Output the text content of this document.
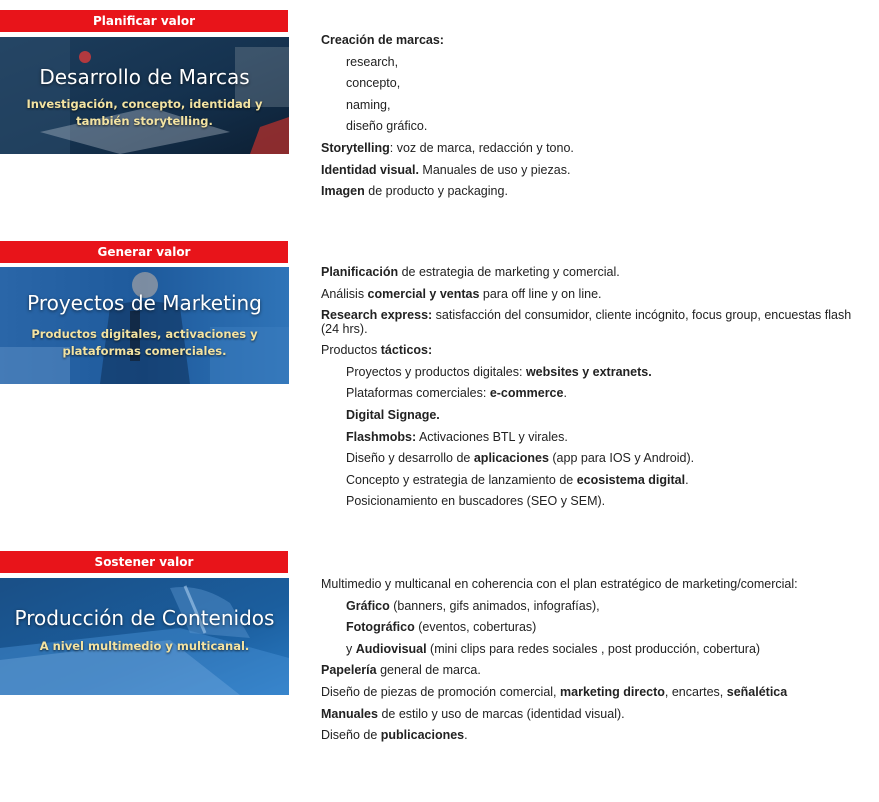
Planificar valor
Desarrollo de Marcas
Investigación, concepto, identidad y
también storytelling.
Creación de marcas:
research,
concepto,
naming,
diseño gráfico.
Storytelling: voz de marca, redacción y tono.
Identidad visual. Manuales de uso y piezas.
Imagen de producto y packaging.
Generar valor
Proyectos de Marketing
Productos digitales, activaciones y
plataformas comerciales.
Planificación de estrategia de marketing y comercial.
Análisis comercial y ventas para off line y on line.
Research express: satisfacción del consumidor, cliente incógnito, focus group, encuestas flash (24 hrs).
Productos tácticos:
Proyectos y productos digitales: websites y extranets.
Plataformas comerciales: e-commerce.
Digital Signage.
Flashmobs: Activaciones BTL y virales.
Diseño y desarrollo de aplicaciones (app para IOS y Android).
Concepto y estrategia de lanzamiento de ecosistema digital.
Posicionamiento en buscadores (SEO y SEM).
Sostener valor
Producción de Contenidos
A nivel multimedio y multicanal.
Multimedio y multicanal en coherencia con el plan estratégico de marketing/comercial:
Gráfico (banners, gifs animados, infografías),
Fotográfico (eventos, coberturas)
y Audiovisual (mini clips para redes sociales , post producción, cobertura)
Papelería general de marca.
Diseño de piezas de promoción comercial, marketing directo, encartes, señalética
Manuales de estilo y uso de marcas (identidad visual).
Diseño de publicaciones.
